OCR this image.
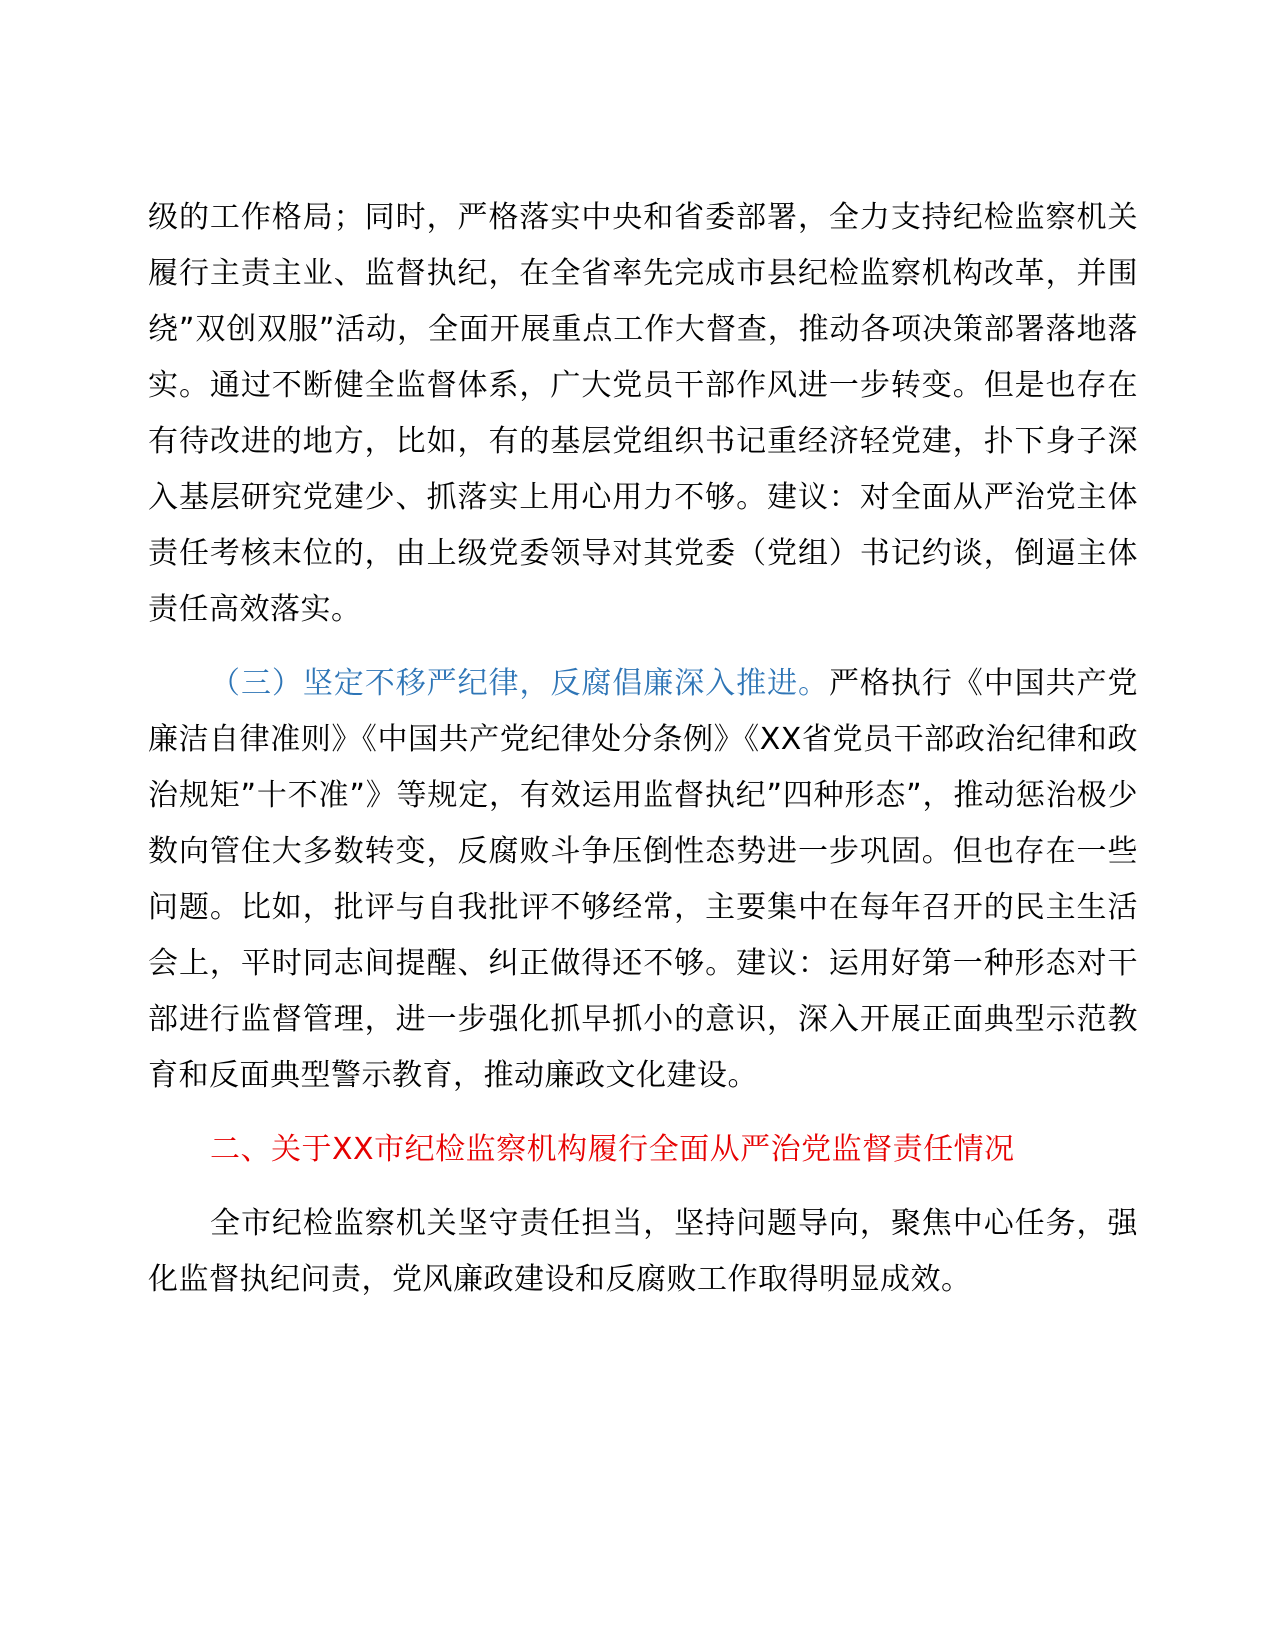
级的工作格局；同时，严格落实中央和省委部署，全力支持纪检监察机关履行主责主业、监督执纪，在全省率先完成市县纪检监察机构改革，并围绕”双创双服”活动，全面开展重点工作大督查，推动各项决策部署落地落实。通过不断健全监督体系，广大党员干部作风进一步转变。但是也存在有待改进的地方，比如，有的基层党组织书记重经济轻党建，扑下身子深入基层研究党建少、抓落实上用心用力不够。建议：对全面从严治党主体责任考核末位的，由上级党委领导对其党委（党组）书记约谈，倒逼主体责任高效落实。

（三）坚定不移严纪律，反腐倡廉深入推进。严格执行《中国共产党廉洁自律准则》《中国共产党纪律处分条例》《XX省党员干部政治纪律和政治规矩”十不准”》等规定，有效运用监督执纪”四种形态”，推动惩治极少数向管住大多数转变，反腐败斗争压倒性态势进一步巩固。但也存在一些问题。比如，批评与自我批评不够经常，主要集中在每年召开的民主生活会上，平时同志间提醒、纠正做得还不够。建议：运用好第一种形态对干部进行监督管理，进一步强化抓早抓小的意识，深入开展正面典型示范教育和反面典型警示教育，推动廉政文化建设。

二、关于XX市纪检监察机构履行全面从严治党监督责任情况

全市纪检监察机关坚守责任担当，坚持问题导向，聚焦中心任务，强化监督执纪问责，党风廉政建设和反腐败工作取得明显成效。
